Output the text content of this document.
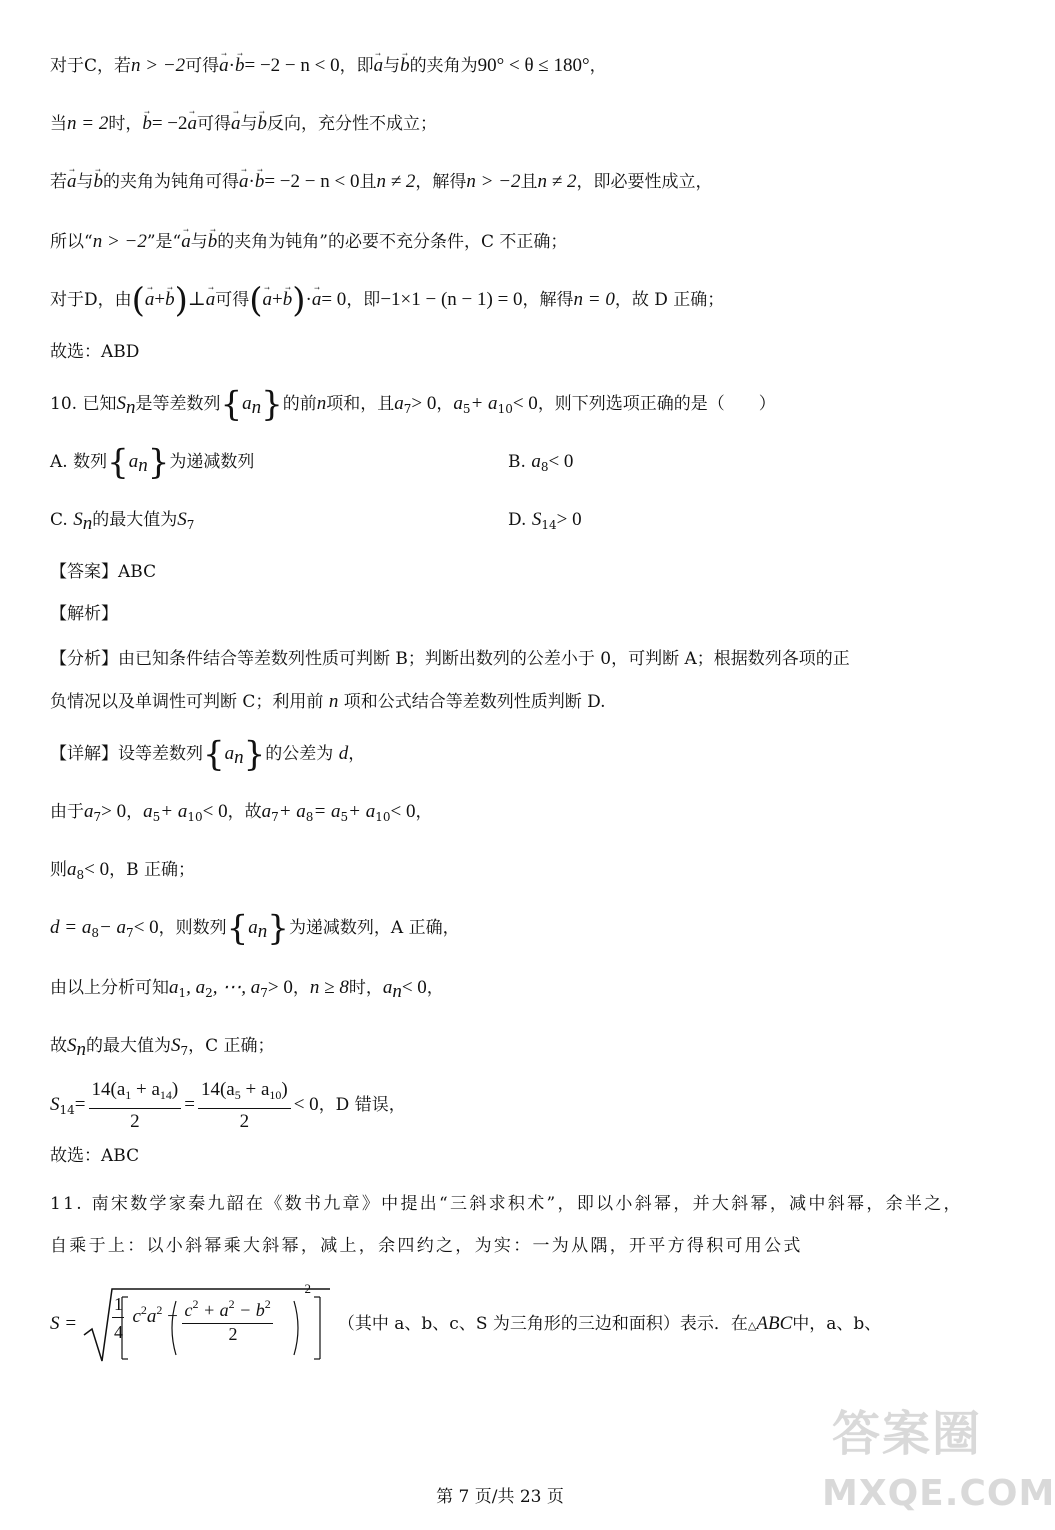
对于C，若n > −2可得→ a·→ b= −2 − n < 0，即→ a与→ b的夹角为90° < θ ≤ 180°，
当n = 2时，→ b= −2→ a可得→ a与→ b反向，充分性不成立；
若→ a与→ b的夹角为钝角可得→ a·→ b= −2 − n < 0且n ≠ 2，解得n > −2且n ≠ 2，即必要性成立，
所以“n > −2”是“→ a与→ b的夹角为钝角”的必要不充分条件，C 不正确；
对于D，由(→ a+→ b)⊥→ a可得(→ a+→ b)·→ a= 0，即−1×1 − (n − 1) = 0，解得n = 0，故 D 正确；
故选：ABD
10. 已知$S_n$是等差数列$\{a_n\}$的前n项和，且$a_7> 0$，$a_5+ a_{10}< 0$，则下列选项正确的是（　　）
A. 数列$\{a_n\}$为递减数列	B. $a_8< 0$
C. $S_n$的最大值为$S_7$	D. $S_{14}> 0$
【答案】ABC
【解析】
【分析】由已知条件结合等差数列性质可判断 B；判断出数列的公差小于 0，可判断 A；根据数列各项的正
负情况以及单调性可判断 C；利用前 n 项和公式结合等差数列性质判断 D.
【详解】设等差数列$\{a_n\}$的公差为 d，
由于$a_7> 0$，$a_5+ a_{10}< 0$，故$a_7+ a_8= a_5+ a_{10}< 0$，
则$a_8< 0$，B 正确；
$d = a_8- a_7< 0$，则数列$\{a_n\}$为递减数列，A 正确，
由以上分析可知$a_1$, $a_2$, ⋯, $a_7> 0$，n ≥ 8时，$a_n< 0$，
故$S_n$的最大值为$S_7$，C 正确；
$S_{14}= \frac{14(a_1 + a_{14})}{2} = \frac{14(a_5 + a_{10})}{2} < 0$，D 错误，
故选：ABC
11. 南宋数学家秦九韶在《数书九章》中提出“三斜求积术”，即以小斜幂，并大斜幂，减中斜幂，余半之，
自乘于上：以小斜幂乘大斜幂，减上，余四约之，为实：一为从隅，开平方得积可用公式
S =
1
4
$c^2a^2 - c^2 + a^2 - b^2$
2
2
（其中 a、b、c、S 为三角形的三边和面积）表示．在△ABC中，a、b、
第 7 页/共 23 页
答案圈
MXQE.COM
